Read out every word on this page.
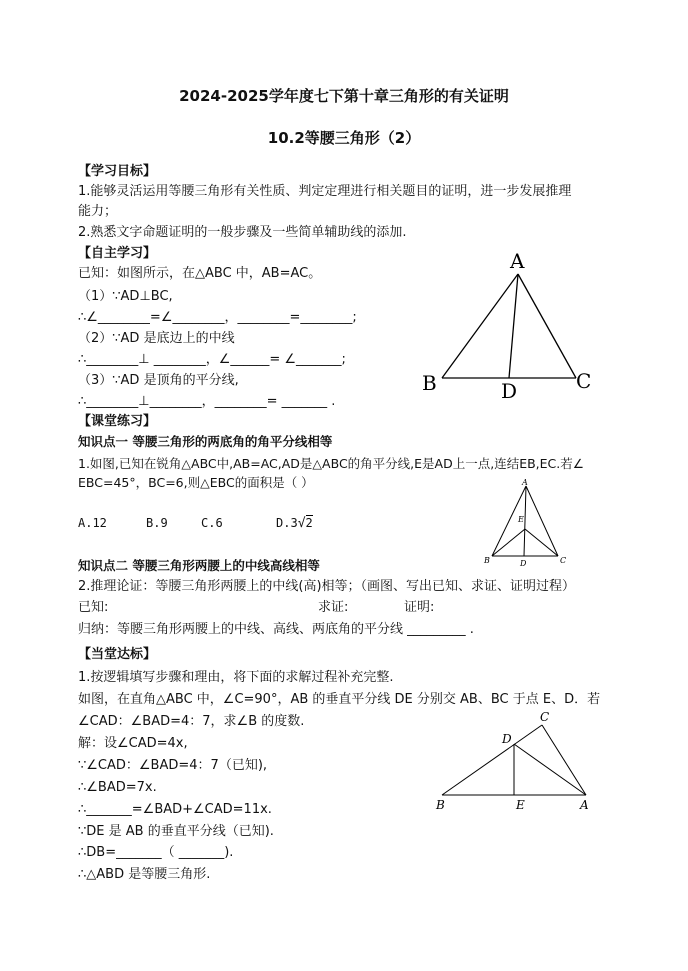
2024-2025学年度七下第十章三角形的有关证明
10.2等腰三角形（2）
【学习目标】
1.能够灵活运用等腰三角形有关性质、判定定理进行相关题目的证明，进一步发展推理
能力；
2.熟悉文字命题证明的一般步骤及一些简单辅助线的添加.
【自主学习】
已知：如图所示，在△ABC 中，AB=AC。
（1）∵AD⊥BC,
∴∠________=∠________，________=________;
（2）∵AD 是底边上的中线
∴________⊥ ________，∠______= ∠_______;
（3）∵AD 是顶角的平分线,
∴________⊥________，________= _______ .
A
B	C
D
【课堂练习】
知识点一 等腰三角形的两底角的角平分线相等
1.如图,已知在锐角△ABC中,AB=AC,AD是△ABC的角平分线,E是AD上一点,连结EB,EC.若∠
EBC=45°，BC=6,则△EBC的面积是（ ）
A.12	B.9	C.6	D.3√2
A
E
B	D	C
知识点二 等腰三角形两腰上的中线高线相等
2.推理论证：等腰三角形两腰上的中线(高)相等；（画图、写出已知、求证、证明过程）
已知:	求证:	证明:
归纳：等腰三角形两腰上的中线、高线、两底角的平分线 _________ .
【当堂达标】
1.按逻辑填写步骤和理由，将下面的求解过程补充完整.
如图，在直角△ABC 中，∠C=90°，AB 的垂直平分线 DE 分别交 AB、BC 于点 E、D．若
∠CAD：∠BAD=4：7，求∠B 的度数.
解：设∠CAD=4x,
∵∠CAD：∠BAD=4：7（已知),
∴∠BAD=7x.
∴_______=∠BAD+∠CAD=11x.
∵DE 是 AB 的垂直平分线（已知).
∴DB=_______（ _______).
∴△ABD 是等腰三角形.
C
D
B	E	A
